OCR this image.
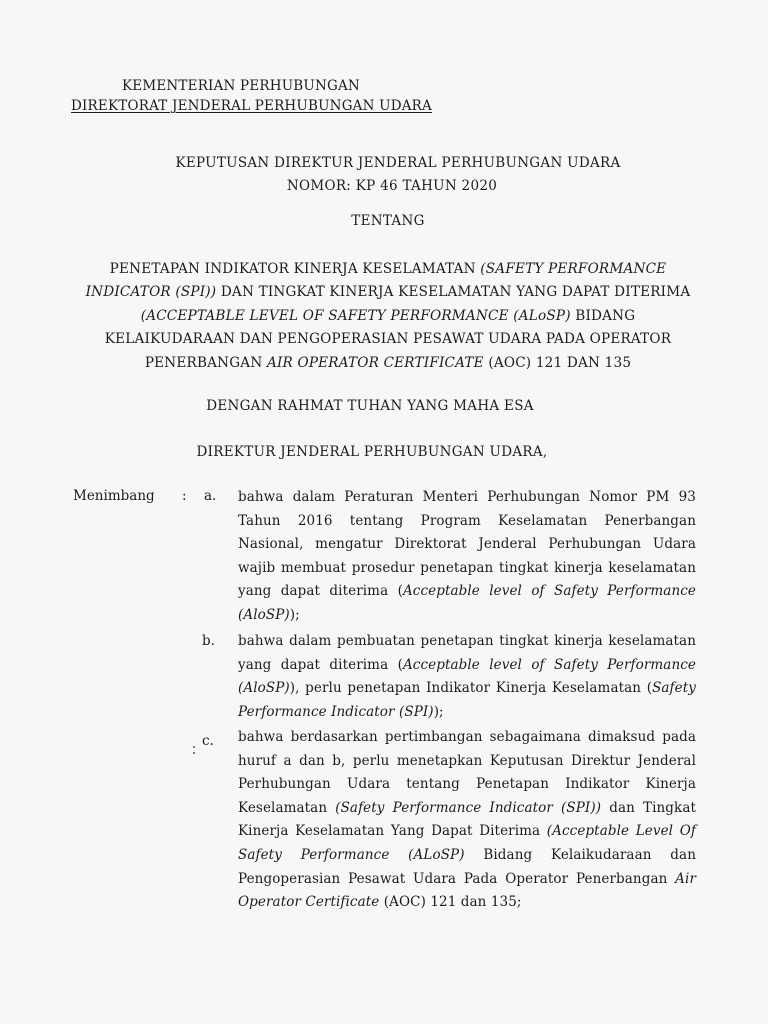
KEMENTERIAN PERHUBUNGAN
DIREKTORAT JENDERAL PERHUBUNGAN UDARA
KEPUTUSAN DIREKTUR JENDERAL PERHUBUNGAN UDARA
NOMOR: KP 46 TAHUN 2020
TENTANG
PENETAPAN INDIKATOR KINERJA KESELAMATAN (SAFETY PERFORMANCE INDICATOR (SPI)) DAN TINGKAT KINERJA KESELAMATAN YANG DAPAT DITERIMA (ACCEPTABLE LEVEL OF SAFETY PERFORMANCE (ALoSP) BIDANG KELAIKUDARAAN DAN PENGOPERASIAN PESAWAT UDARA PADA OPERATOR PENERBANGAN AIR OPERATOR CERTIFICATE (AOC) 121 DAN 135
DENGAN RAHMAT TUHAN YANG MAHA ESA
DIREKTUR JENDERAL PERHUBUNGAN UDARA,
Menimbang : a. bahwa dalam Peraturan Menteri Perhubungan Nomor PM 93 Tahun 2016 tentang Program Keselamatan Penerbangan Nasional, mengatur Direktorat Jenderal Perhubungan Udara wajib membuat prosedur penetapan tingkat kinerja keselamatan yang dapat diterima (Acceptable level of Safety Performance (AloSP));
b. bahwa dalam pembuatan penetapan tingkat kinerja keselamatan yang dapat diterima (Acceptable level of Safety Performance (AloSP)), perlu penetapan Indikator Kinerja Keselamatan (Safety Performance Indicator (SPI));
c. bahwa berdasarkan pertimbangan sebagaimana dimaksud pada huruf a dan b, perlu menetapkan Keputusan Direktur Jenderal Perhubungan Udara tentang Penetapan Indikator Kinerja Keselamatan (Safety Performance Indicator (SPI)) dan Tingkat Kinerja Keselamatan Yang Dapat Diterima (Acceptable Level Of Safety Performance (ALoSP) Bidang Kelaikudaraan dan Pengoperasian Pesawat Udara Pada Operator Penerbangan Air Operator Certificate (AOC) 121 dan 135;
